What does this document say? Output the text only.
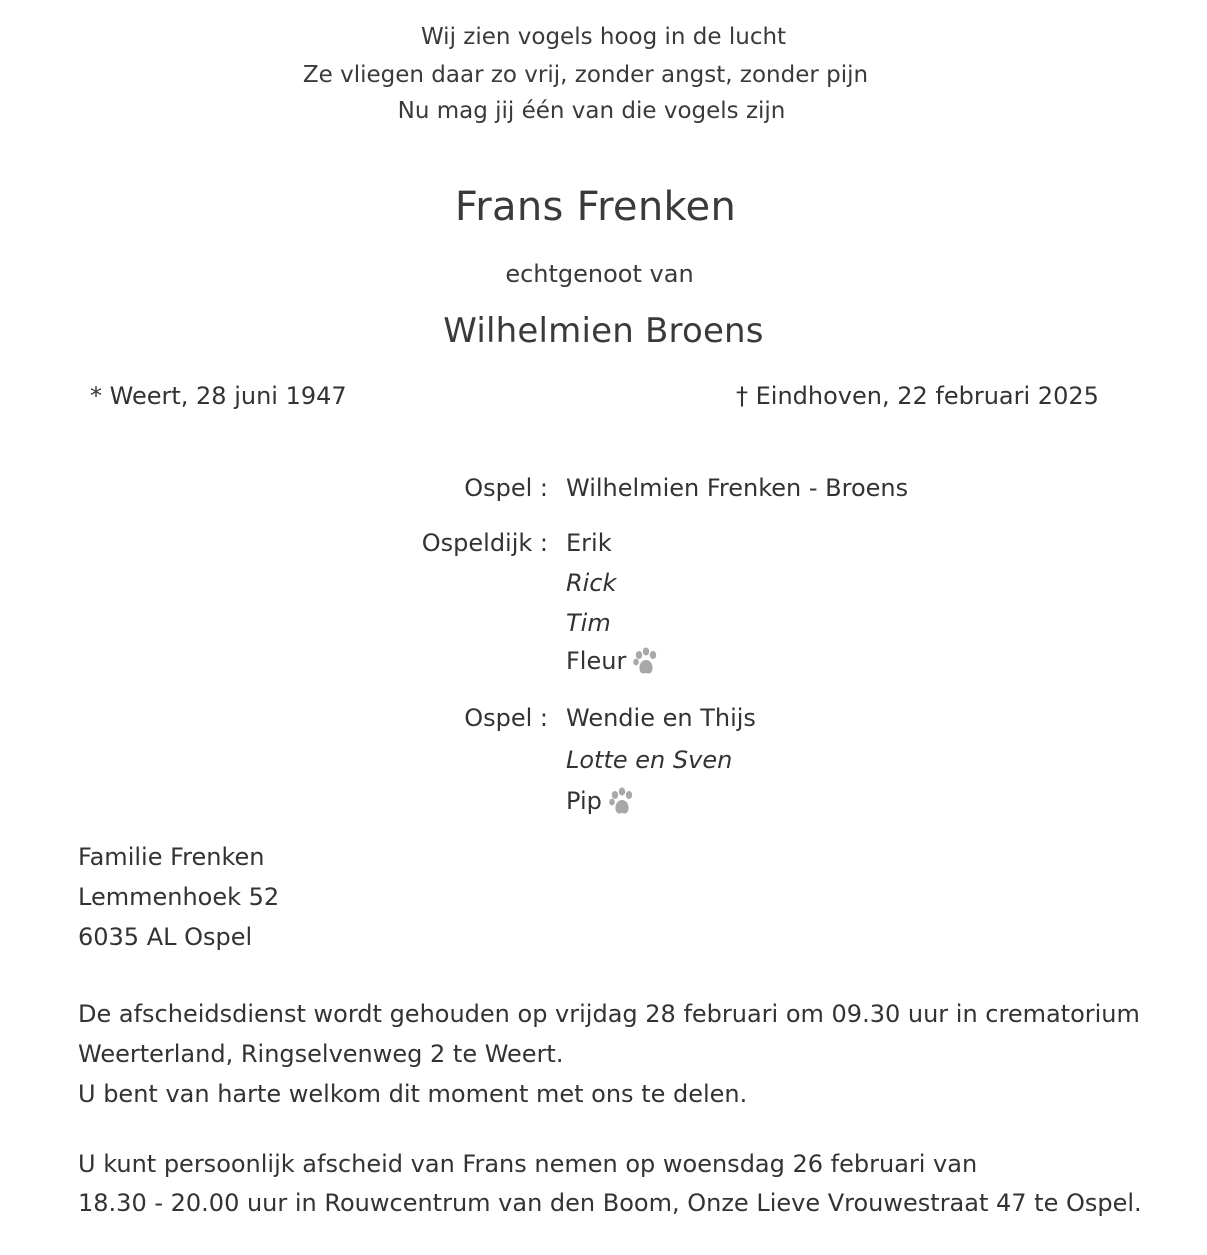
Wij zien vogels hoog in de lucht
Ze vliegen daar zo vrij, zonder angst, zonder pijn
Nu mag jij één van die vogels zijn
Frans Frenken
echtgenoot van
Wilhelmien Broens
* Weert, 28 juni 1947	† Eindhoven, 22 februari 2025
Ospel : Wilhelmien Frenken - Broens
Ospeldijk : Erik
Rick
Tim
Fleur
Ospel : Wendie en Thijs
Lotte en Sven
Pip
Familie Frenken
Lemmenhoek 52
6035 AL Ospel
De afscheidsdienst wordt gehouden op vrijdag 28 februari om 09.30 uur in crematorium
Weerterland, Ringselvenweg 2 te Weert.
U bent van harte welkom dit moment met ons te delen.
U kunt persoonlijk afscheid van Frans nemen op woensdag 26 februari van
18.30 - 20.00 uur in Rouwcentrum van den Boom, Onze Lieve Vrouwestraat 47 te Ospel.
